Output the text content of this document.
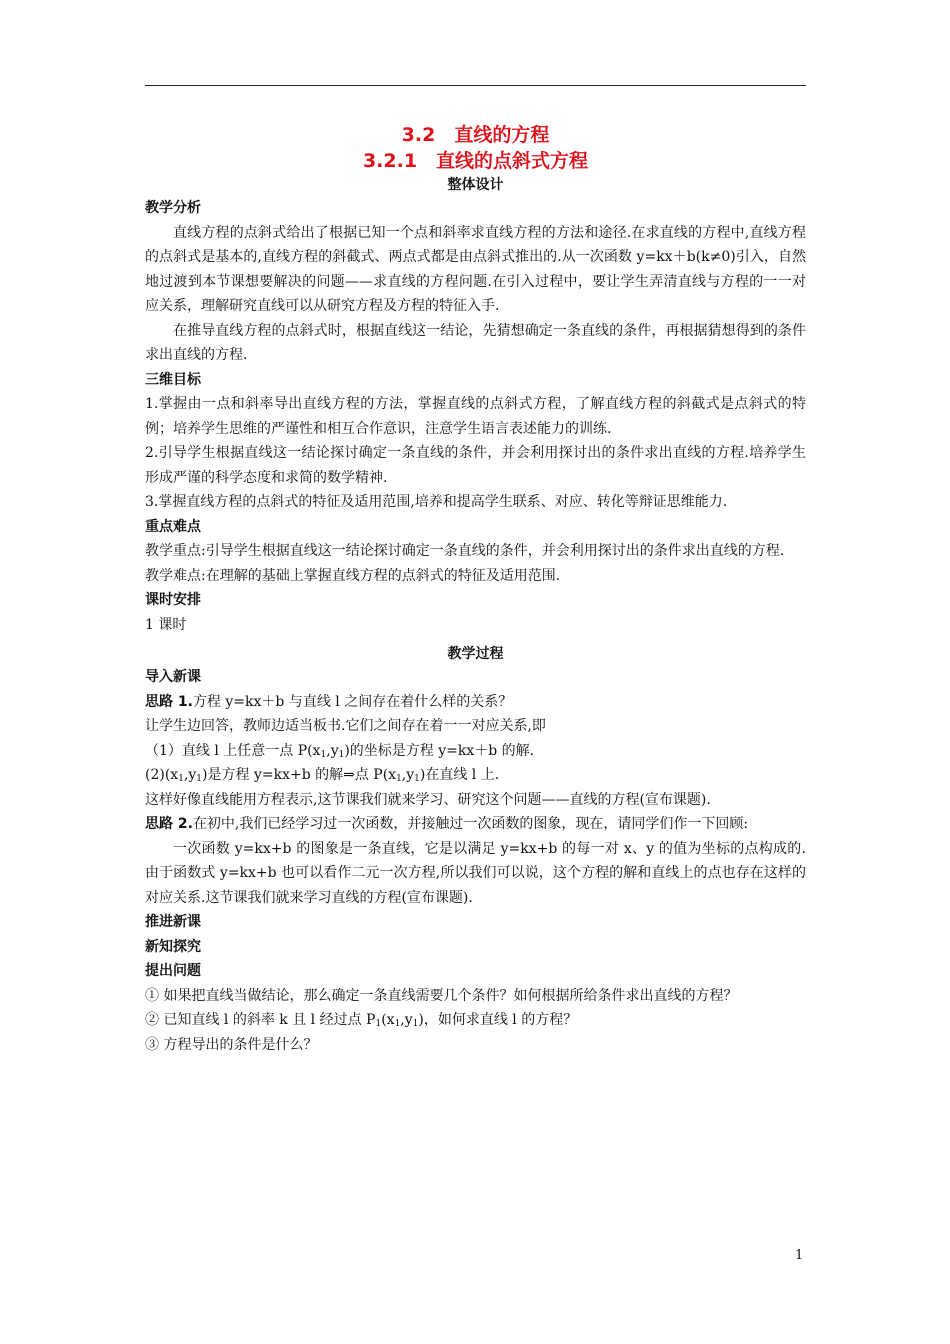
3.2　直线的方程
3.2.1　直线的点斜式方程
整体设计
教学分析

直线方程的点斜式给出了根据已知一个点和斜率求直线方程的方法和途径.在求直线的方程中,直线方程的点斜式是基本的,直线方程的斜截式、两点式都是由点斜式推出的.从一次函数 y=kx＋b(k≠0)引入，自然地过渡到本节课想要解决的问题——求直线的方程问题.在引入过程中，要让学生弄清直线与方程的一一对应关系，理解研究直线可以从研究方程及方程的特征入手.

在推导直线方程的点斜式时，根据直线这一结论，先猜想确定一条直线的条件，再根据猜想得到的条件求出直线的方程.

三维目标

1.掌握由一点和斜率导出直线方程的方法，掌握直线的点斜式方程，了解直线方程的斜截式是点斜式的特例；培养学生思维的严谨性和相互合作意识，注意学生语言表述能力的训练.

2.引导学生根据直线这一结论探讨确定一条直线的条件，并会利用探讨出的条件求出直线的方程.培养学生形成严谨的科学态度和求简的数学精神.

3.掌握直线方程的点斜式的特征及适用范围,培养和提高学生联系、对应、转化等辩证思维能力.

重点难点

教学重点:引导学生根据直线这一结论探讨确定一条直线的条件，并会利用探讨出的条件求出直线的方程.

教学难点:在理解的基础上掌握直线方程的点斜式的特征及适用范围.

课时安排

1 课时

教学过程
导入新课

思路 1.方程 y=kx＋b 与直线 l 之间存在着什么样的关系？

让学生边回答，教师边适当板书.它们之间存在着一一对应关系,即

（1）直线 l 上任意一点 $P(x_1,y_1)$的坐标是方程 y=kx＋b 的解.

$(2)(x_1,y_1)$是方程 y=kx+b 的解⇒点 $P(x_1,y_1)$在直线 l 上.

这样好像直线能用方程表示,这节课我们就来学习、研究这个问题——直线的方程(宣布课题).

思路 2.在初中,我们已经学习过一次函数，并接触过一次函数的图象，现在，请同学们作一下回顾:

一次函数 y=kx+b 的图象是一条直线，它是以满足 y=kx+b 的每一对 x、y 的值为坐标的点构成的.由于函数式 y=kx+b 也可以看作二元一次方程,所以我们可以说，这个方程的解和直线上的点也存在这样的对应关系.这节课我们就来学习直线的方程(宣布课题).

推进新课
新知探究
提出问题

① 如果把直线当做结论，那么确定一条直线需要几个条件？如何根据所给条件求出直线的方程？

② 已知直线 l 的斜率 k 且 l 经过点 $P_1(x_1,y_1)$，如何求直线 l 的方程？

③ 方程导出的条件是什么？

1
